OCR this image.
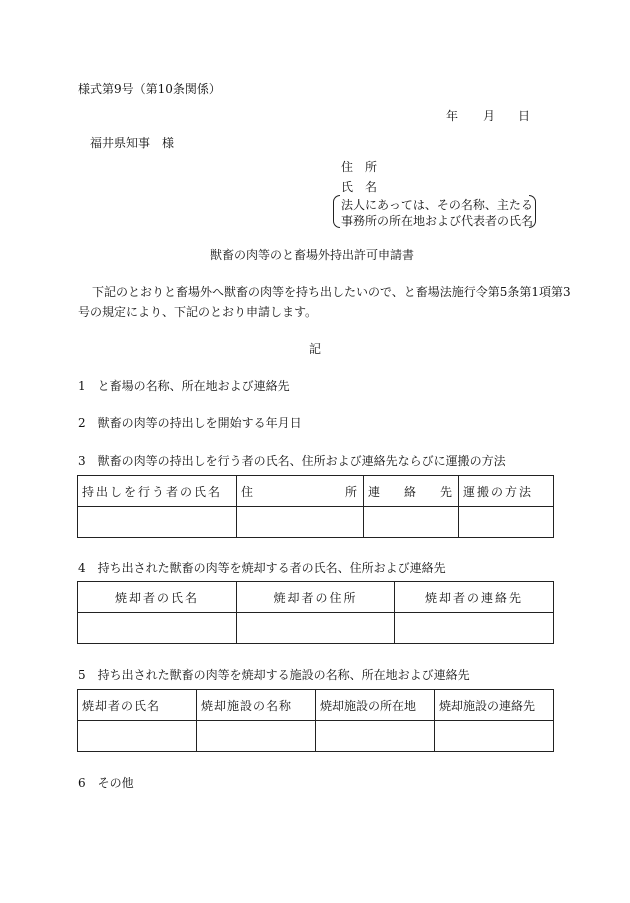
様式第9号（第10条関係）
年 月 日
福井県知事　様
住　所
氏　名
法人にあっては、その名称、主たる
事務所の所在地および代表者の氏名
獣畜の肉等のと畜場外持出許可申請書
下記のとおりと畜場外へ獣畜の肉等を持ち出したいので、と畜場法施行令第5条第1項第3
号の規定により、下記のとおり申請します。
記
1　と畜場の名称、所在地および連絡先
2　獣畜の肉等の持出しを開始する年月日
3　獣畜の肉等の持出しを行う者の氏名、住所および連絡先ならびに運搬の方法
持出しを行う者の氏名	住 所	連 絡 先	運搬の方法

4　持ち出された獣畜の肉等を焼却する者の氏名、住所および連絡先
焼却者の氏名	焼却者の住所	焼却者の連絡先

5　持ち出された獣畜の肉等を焼却する施設の名称、所在地および連絡先
焼却者の氏名	焼却施設の名称	焼却施設の所在地	焼却施設の連絡先

6　その他
